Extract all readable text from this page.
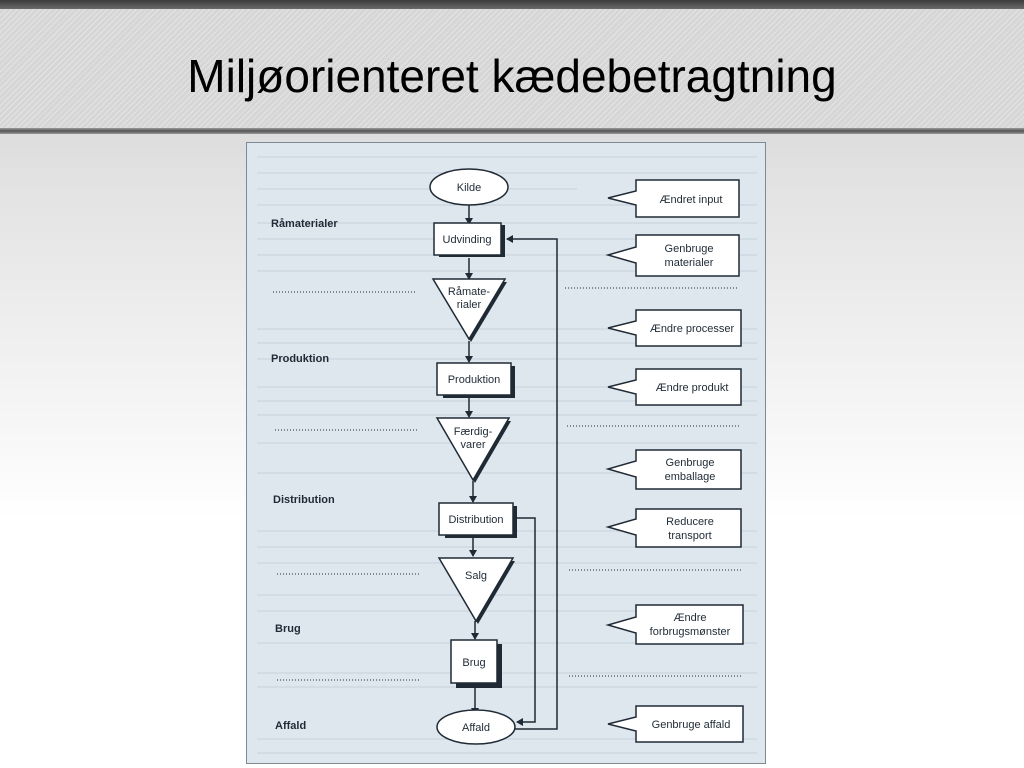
Miljøorienteret kædebetragtning
Råmaterialer
Produktion
Distribution
Brug
Affald
Kilde
Udvinding
Råmate-
rialer
Produktion
Færdig-
varer
Distribution
Salg
Brug
Affald
Ændret input
Genbruge
materialer
Ændre processer
Ændre produkt
Genbruge
emballage
Reducere
transport
Ændre
forbrugsmønster
Genbruge affald
